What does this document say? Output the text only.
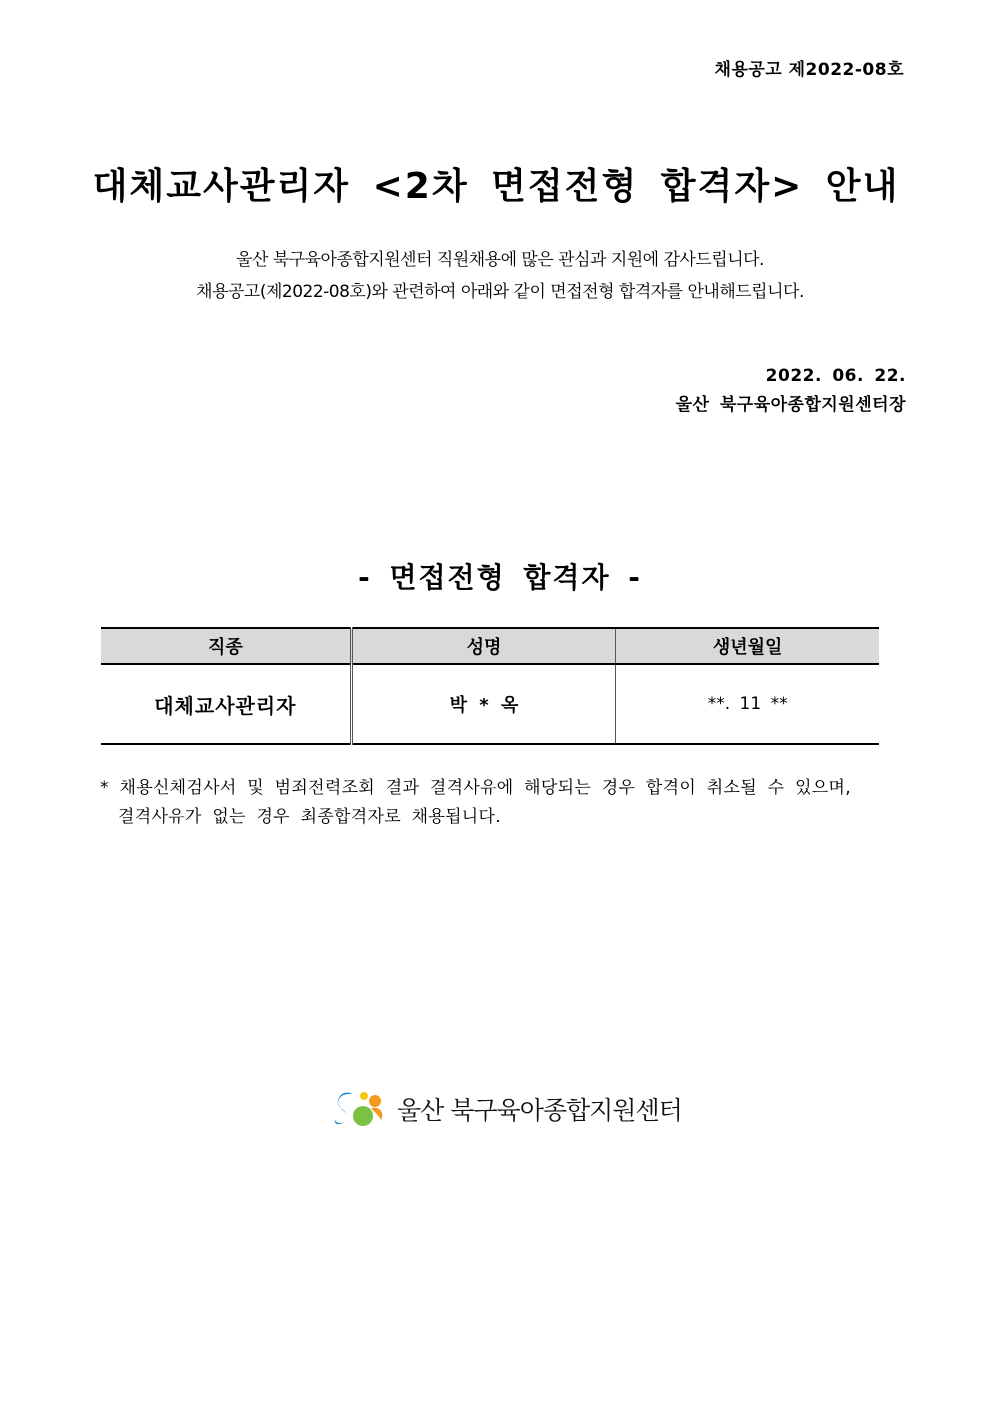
채용공고 제2022-08호
대체교사관리자 <2차 면접전형 합격자> 안내
울산 북구육아종합지원센터 직원채용에 많은 관심과 지원에 감사드립니다.
채용공고(제2022-08호)와 관련하여 아래와 같이 면접전형 합격자를 안내해드립니다.
2022. 06. 22.
울산 북구육아종합지원센터장
- 면접전형 합격자 -
직종	성명	생년월일
대체교사관리자	박 * 옥	**. 11 **
* 채용신체검사서 및 범죄전력조회 결과 결격사유에 해당되는 경우 합격이 취소될 수 있으며,
결격사유가 없는 경우 최종합격자로 채용됩니다.
울산 북구육아종합지원센터
